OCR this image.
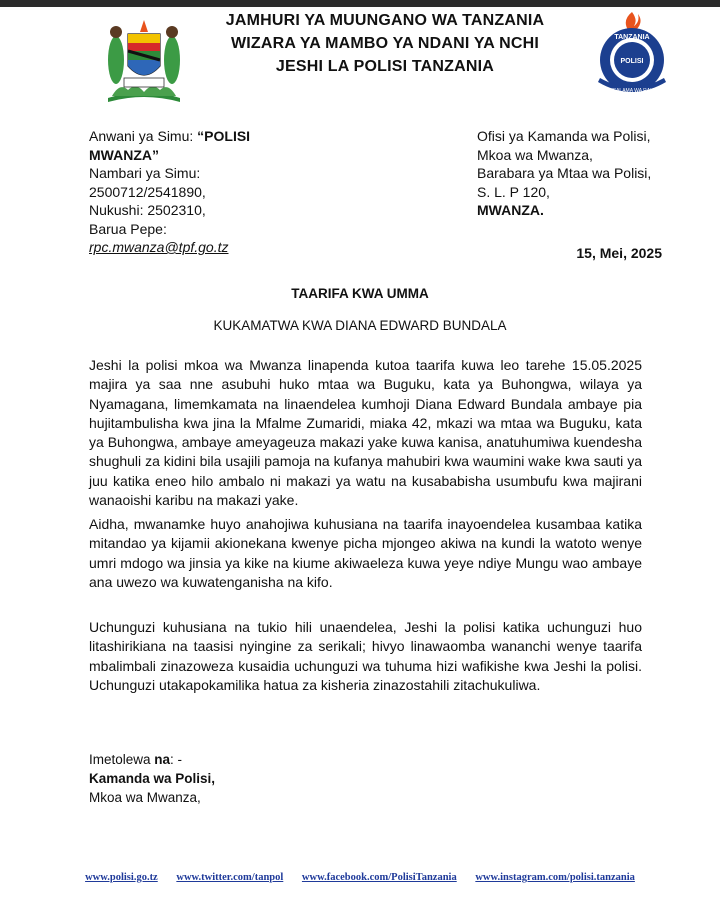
JAMHURI YA MUUNGANO WA TANZANIA
WIZARA YA MAMBO YA NDANI YA NCHI
JESHI LA POLISI TANZANIA
TANZANIA
POLISI
USALAMA WA RAIA
Anwani ya Simu: “POLISI
MWANZA”
Nambari ya Simu:
2500712/2541890,
Nukushi: 2502310,
Barua Pepe:
rpc.mwanza@tpf.go.tz
Ofisi ya Kamanda wa Polisi,
Mkoa wa Mwanza,
Barabara ya Mtaa wa Polisi,
S. L. P 120,
MWANZA.
15, Mei, 2025
TAARIFA KWA UMMA
KUKAMATWA KWA DIANA EDWARD BUNDALA

Jeshi la polisi mkoa wa Mwanza linapenda kutoa taarifa kuwa leo tarehe 15.05.2025 majira ya saa nne asubuhi huko mtaa wa Buguku, kata ya Buhongwa, wilaya ya Nyamagana, limemkamata na linaendelea kumhoji Diana Edward Bundala ambaye pia hujitambulisha kwa jina la Mfalme Zumaridi, miaka 42, mkazi wa mtaa wa Buguku, kata ya Buhongwa, ambaye ameyageuza makazi yake kuwa kanisa, anatuhumiwa kuendesha shughuli za kidini bila usajili pamoja na kufanya mahubiri kwa waumini wake kwa sauti ya juu katika eneo hilo ambalo ni makazi ya watu na kusababisha usumbufu kwa majirani wanaoishi karibu na makazi yake.

Aidha, mwanamke huyo anahojiwa kuhusiana na taarifa inayoendelea kusambaa katika mitandao ya kijamii akionekana kwenye picha mjongeo akiwa na kundi la watoto wenye umri mdogo wa jinsia ya kike na kiume akiwaeleza kuwa yeye ndiye Mungu wao ambaye ana uwezo wa kuwatenganisha na kifo.

Uchunguzi kuhusiana na tukio hili unaendelea, Jeshi la polisi katika uchunguzi huo litashirikiana na taasisi nyingine za serikali; hivyo linawaomba wananchi wenye taarifa mbalimbali zinazoweza kusaidia uchunguzi wa tuhuma hizi wafikishe kwa Jeshi la polisi. Uchunguzi utakapokamilika hatua za kisheria zinazostahili zitachukuliwa.

Imetolewa na: -
Kamanda wa Polisi,
Mkoa wa Mwanza,
www.polisi.go.tz www.twitter.com/tanpol www.facebook.com/PolisiTanzania www.instagram.com/polisi.tanzania
